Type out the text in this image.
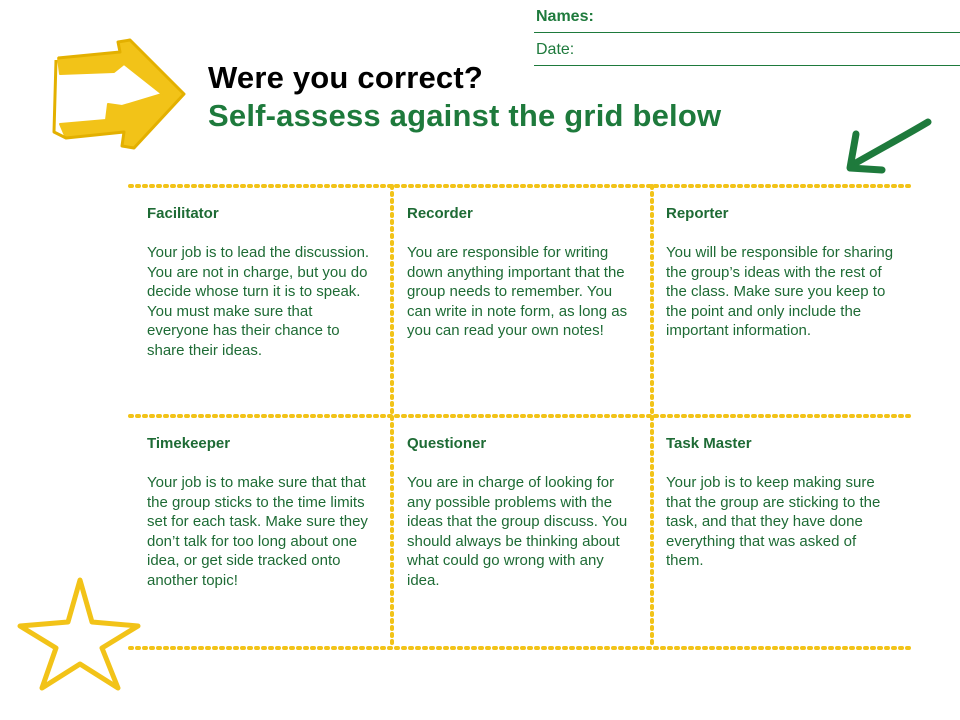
Names:
Date:
Were you correct?
Self-assess against the grid below
Facilitator
Your job is to lead the discussion. You are not in charge, but you do decide whose turn it is to speak. You must make sure that everyone has their chance to share their ideas.
Recorder
You are responsible for writing down anything important that the group needs to remember. You can write in note form, as long as you can read your own notes!
Reporter
You will be responsible for sharing the group’s ideas with the rest of the class. Make sure you keep to the point and only include the important information.
Timekeeper
Your job is to make sure that that the group sticks to the time limits set for each task. Make sure they don’t talk for too long about one idea, or get side tracked onto another topic!
Questioner
You are in charge of looking for any possible problems with the ideas that the group discuss. You should always be thinking about what could go wrong with any idea.
Task Master
Your job is to keep making sure that the group are sticking to the task, and that they have done everything that was asked of them.
